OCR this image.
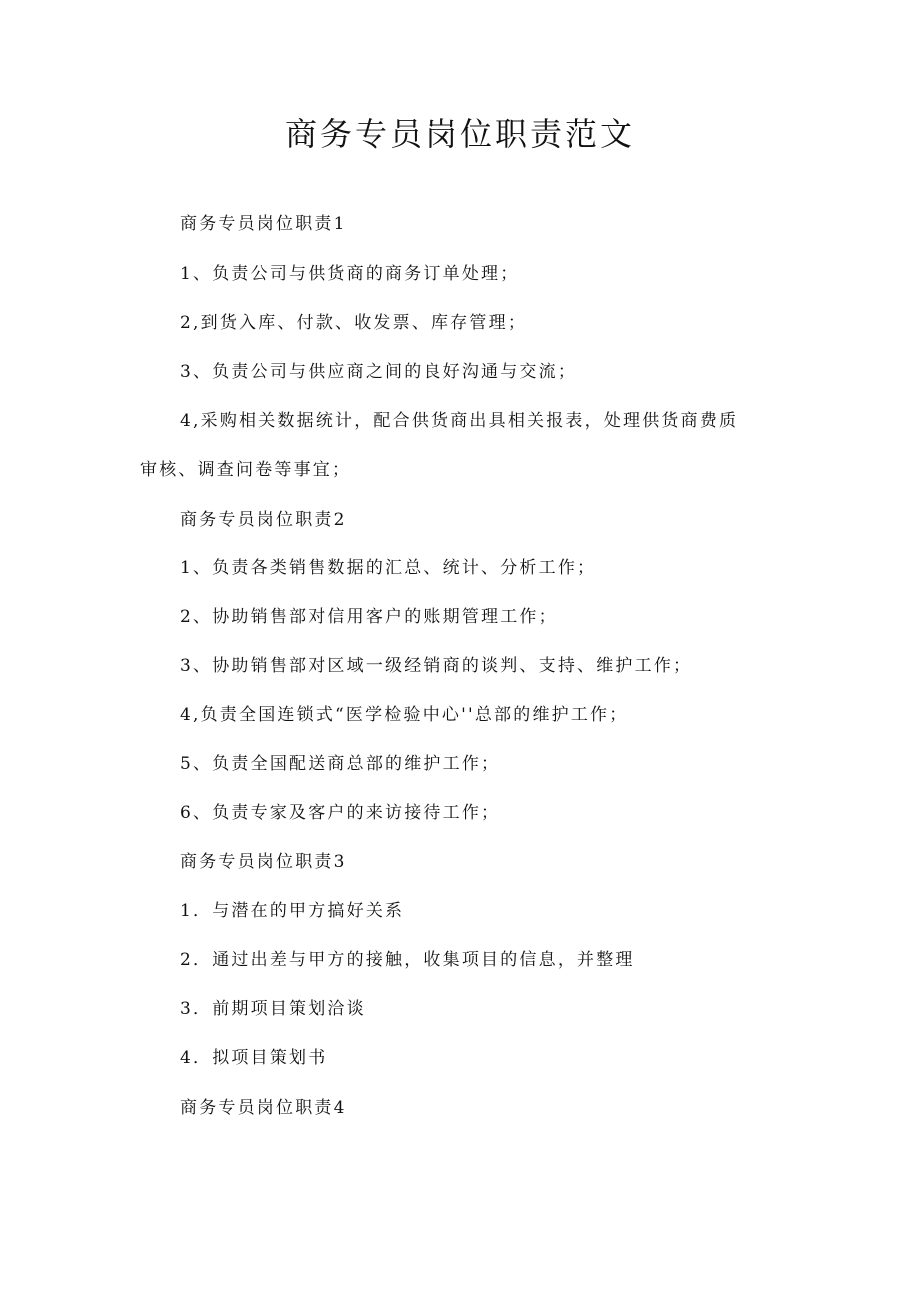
商务专员岗位职责范文

商务专员岗位职责1

1、负责公司与供货商的商务订单处理；

2,到货入库、付款、收发票、库存管理；

3、负责公司与供应商之间的良好沟通与交流；

4,采购相关数据统计，配合供货商出具相关报表，处理供货商费质

审核、调查问卷等事宜；

商务专员岗位职责2

1、负责各类销售数据的汇总、统计、分析工作；

2、协助销售部对信用客户的账期管理工作；

3、协助销售部对区域一级经销商的谈判、支持、维护工作；

4,负责全国连锁式“医学检验中心''总部的维护工作；

5、负责全国配送商总部的维护工作；

6、负责专家及客户的来访接待工作；

商务专员岗位职责3

1．与潜在的甲方搞好关系

2．通过出差与甲方的接触，收集项目的信息，并整理

3．前期项目策划洽谈

4．拟项目策划书

商务专员岗位职责4
